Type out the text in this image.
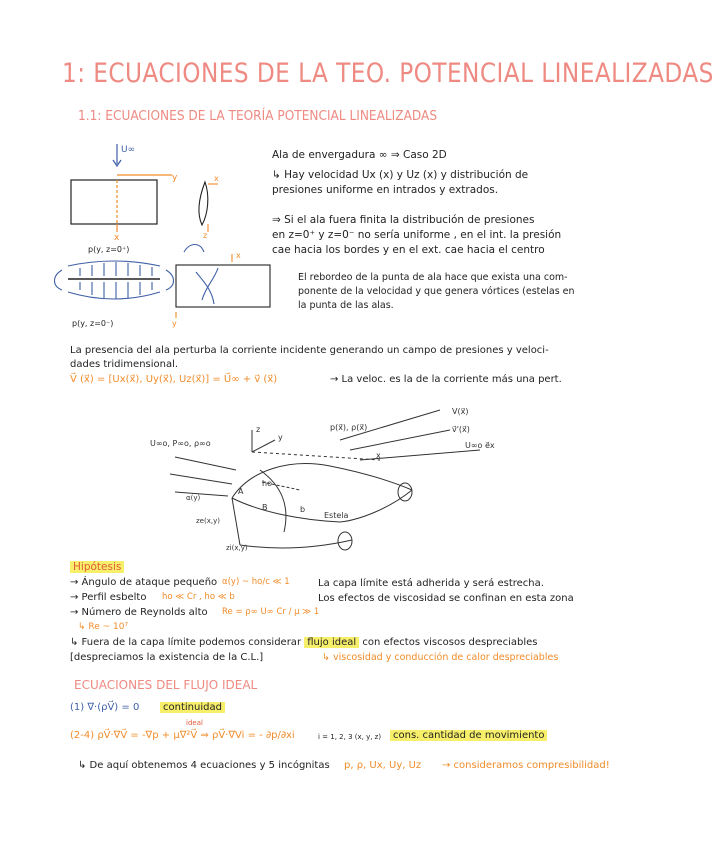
1: ECUACIONES DE LA TEO. POTENCIAL LINEALIZADAS
1.1: ECUACIONES DE LA TEORÍA POTENCIAL LINEALIZADAS
U∞
y
x
x
z
p(y, z=0⁺)
p(y, z=0⁻)
x
y
U∞o, P∞o, ρ∞o	U∞o e⃗x
p(x⃗), ρ(x⃗)
V(x⃗)
v⃗'(x⃗)
x
y
z
ho
b
A
B
Estela
α(y)
ze(x,y)
zi(x,y)
Ala de envergadura ∞ ⇒ Caso 2D
↳ Hay velocidad Ux (x) y Uz (x) y distribución de
presiones uniforme en intrados y extrados.
⇒ Si el ala fuera finita la distribución de presiones
en z=0⁺ y z=0⁻ no sería uniforme , en el int. la presión
cae hacia los bordes y en el ext. cae hacia el centro
El rebordeo de la punta de ala hace que exista una com-
ponente de la velocidad y que genera vórtices (estelas en
la punta de las alas.
La presencia del ala perturba la corriente incidente generando un campo de presiones y veloci-
dades tridimensional.
V⃗ (x⃗) = [Ux(x⃗), Uy(x⃗), Uz(x⃗)] = U⃗∞ + v⃗ (x⃗)	→ La veloc. es la de la corriente más una pert.
Hipótesis
→ Ángulo de ataque pequeño α(y) ~ ho/c ≪ 1
→ Perfil esbelto ho ≪ Cr , ho ≪ b
→ Número de Reynolds alto Re = ρ∞ U∞ Cr / μ ≫ 1
↳ Re ~ 10⁷
La capa límite está adherida y será estrecha.
Los efectos de viscosidad se confinan en esta zona
↳ Fuera de la capa límite podemos considerar flujo ideal con efectos viscosos despreciables
[despreciamos la existencia de la C.L.]	↳ viscosidad y conducción de calor despreciables
ECUACIONES DEL FLUJO IDEAL
(1) ∇·(ρV⃗) = 0	continuidad
ideal
(2-4) ρV⃗·∇V⃗ = -∇p + μ∇²V⃗ ⇒ ρV⃗·∇Vi = - ∂p/∂xi	i = 1, 2, 3 (x, y, z)	cons. cantidad de movimiento
↳ De aquí obtenemos 4 ecuaciones y 5 incógnitas p, ρ, Ux, Uy, Uz → consideramos compresibilidad!
